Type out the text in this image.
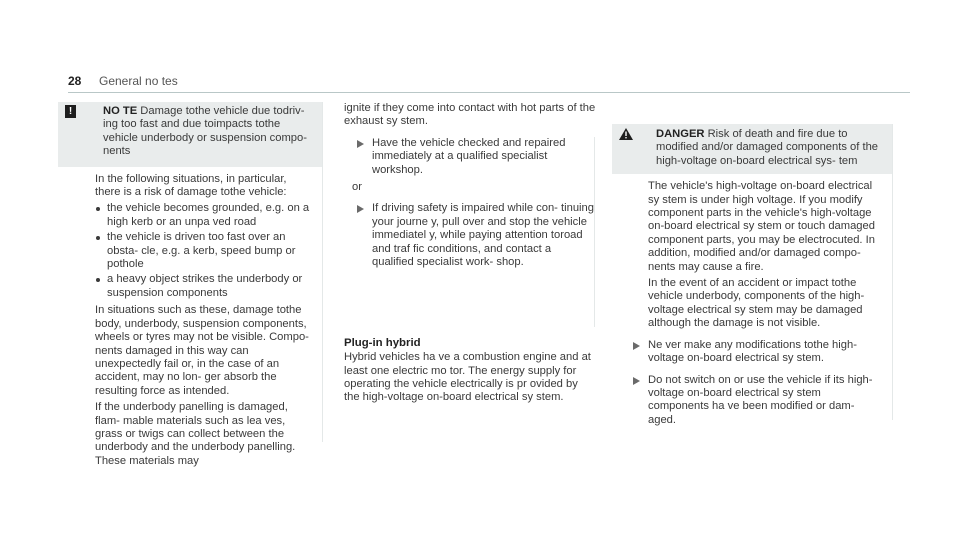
28 General no tes
!	NO TE Damage tothe vehicle due todriv‐ ing too fast and due toimpacts tothe vehicle underbody or suspension compo‐ nents

In the following situations, in particular, there is a risk of damage tothe vehicle:

the vehicle becomes grounded, e.g. on a high kerb or an unpa ved road
the vehicle is driven too fast over an obsta‐ cle, e.g. a kerb, speed bump or pothole
a heavy object strikes the underbody or suspension components

In situations such as these, damage tothe body, underbody, suspension components, wheels or tyres may not be visible. Compo‐ nents damaged in this way can unexpectedly fail or, in the case of an accident, may no lon‐ ger absorb the resulting force as intended.

If the underbody panelling is damaged, flam‐ mable materials such as lea ves, grass or twigs can collect between the underbody and the underbody panelling. These materials may

ignite if they come into contact with hot parts of the exhaust sy stem.
Have the vehicle checked and repaired immediately at a qualified specialist workshop.
or
If driving safety is impaired while con‐ tinuing your journe y, pull over and stop the vehicle immediatel y, while paying attention toroad and traf fic conditions, and contact a qualified specialist work‐ shop.
Plug-in hybrid
Hybrid vehicles ha ve a combustion engine and at least one electric mo tor. The energy supply for operating the vehicle electrically is pr ovided by the high-voltage on-board electrical sy stem.
DANGER Risk of death and fire due to modified and/or damaged components of the high-voltage on-board electrical sys‐ tem

The vehicle's high-voltage on-board electrical sy stem is under high voltage. If you modify component parts in the vehicle's high-voltage on-board electrical sy stem or touch damaged component parts, you may be electrocuted. In addition, modified and/or damaged compo‐ nents may cause a fire.

In the event of an accident or impact tothe vehicle underbody, components of the high- voltage electrical sy stem may be damaged although the damage is not visible.

Ne ver make any modifications tothe high-voltage on-board electrical sy stem.
Do not switch on or use the vehicle if its high-voltage on-board electrical sy stem components ha ve been modified or dam‐ aged.
